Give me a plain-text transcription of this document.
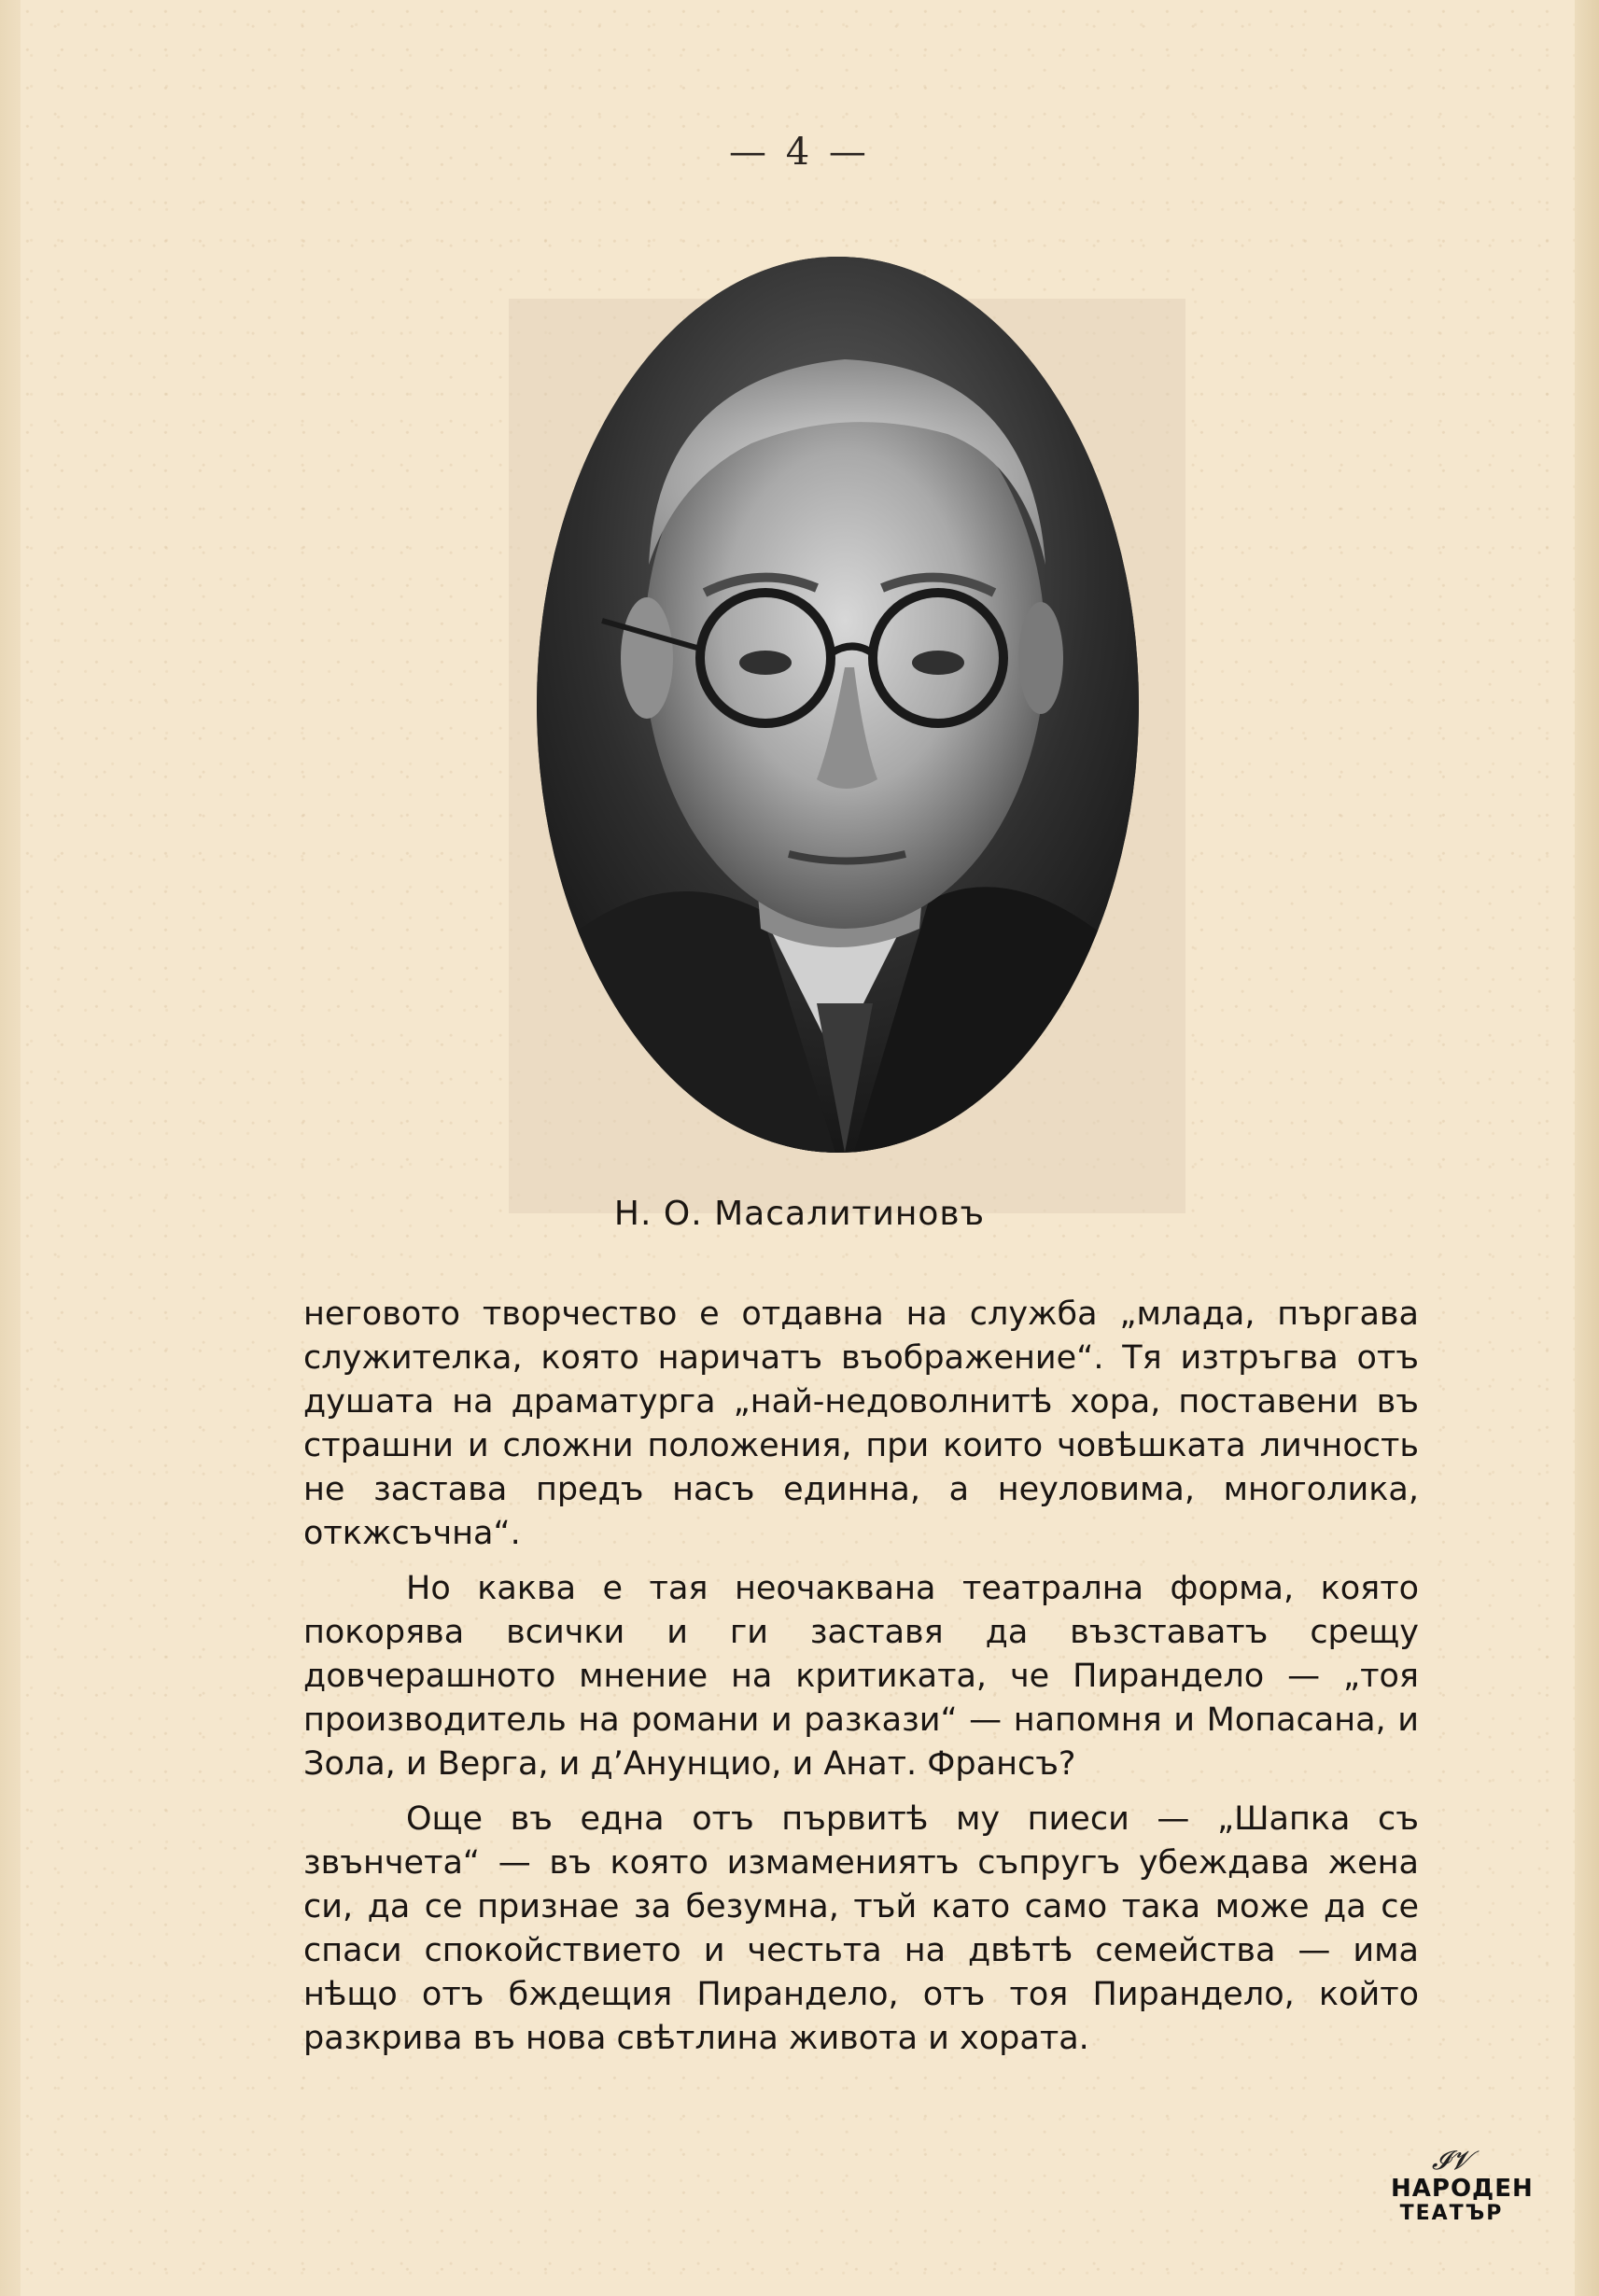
— 4 —
Н. О. Масалитиновъ

неговото творчество е отдавна на служба „млада, пъргава служителка, която наричатъ въображение“. Тя изтръгва отъ душата на драматурга „най-недоволнитѣ хора, поставени въ страшни и сложни положения, при които човѣшката личность не застава предъ насъ единна, а неуловима, многолика, откжсъчна“.

Но каква е тая неочаквана театрална форма, която покорява всички и ги заставя да възставатъ срещу довчерашното мнение на критиката, че Пирандело — „тоя производитель на романи и разкази“ — напомня и Мопасана, и Зола, и Верга, и д’Анунцио, и Анат. Франсъ?

Още въ една отъ първитѣ му пиеси — „Шапка съ звънчета“ — въ която измамениятъ съпругъ убеждава жена си, да се признае за безумна, тъй като само така може да се спаси спокойствието и честьта на двѣтѣ семейства — има нѣщо отъ бждещия Пирандело, отъ тоя Пирандело, който разкрива въ нова свѣтлина живота и хората.

𝓘𝓥
НАРОДЕН
ТЕАТЪР
